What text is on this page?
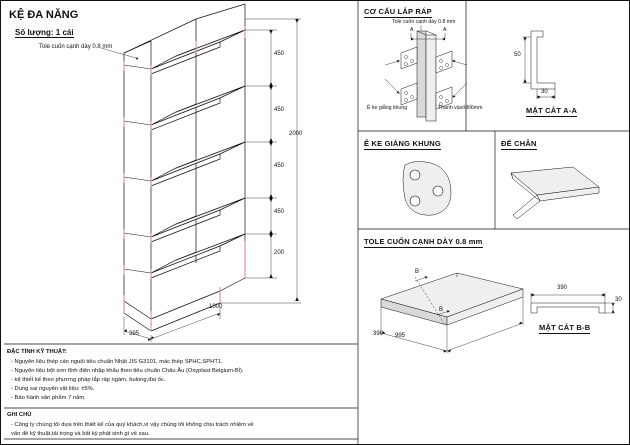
KỆ ĐA NĂNG
Số lượng: 1 cái
Tole cuốn cạnh dày 0.8 mm
450
450
450
450
200
2000
1000
395
ĐẶC TÍNH KỸ THUẬT:
- Nguyên liệu thép cán nguội tiêu chuẩn Nhật JIS G3101, mác thép SPHC,SPHT1.
- Nguyên liệu bột sơn tĩnh điện nhập khẩu theo tiêu chuẩn Châu Âu (Oxyplast Belgium-Bỉ).
- kệ thiết kế theo phương pháp lắp ráp ngàm, bulong,đai ốc.
- Dung sai nguyên vật liệu: ±5%.
- Bảo hành sản phẩm 7 năm.
GHI CHÚ
- Công ty chúng tôi dựa trên thiết kế của quý khách,vì vậy chúng tôi không chịu trách nhiệm về
vấn đề kỹ thuật,tải trọng và bất kỳ phát sinh gì về sau.
CƠ CẤU LẮP RÁP
Tole cuốn cạnh dày 0.8 mm
A	A
Ê ke giằng khung	Thanh vàsốđố6mm
50
30
MẶT CẮT A-A
Ê KE GIẰNG KHUNG	ĐẾ CHÂN
TOLE CUỐN CẠNH DÀY 0.8 mm
B
B
995
390
390
30
MẶT CẮT B-B
